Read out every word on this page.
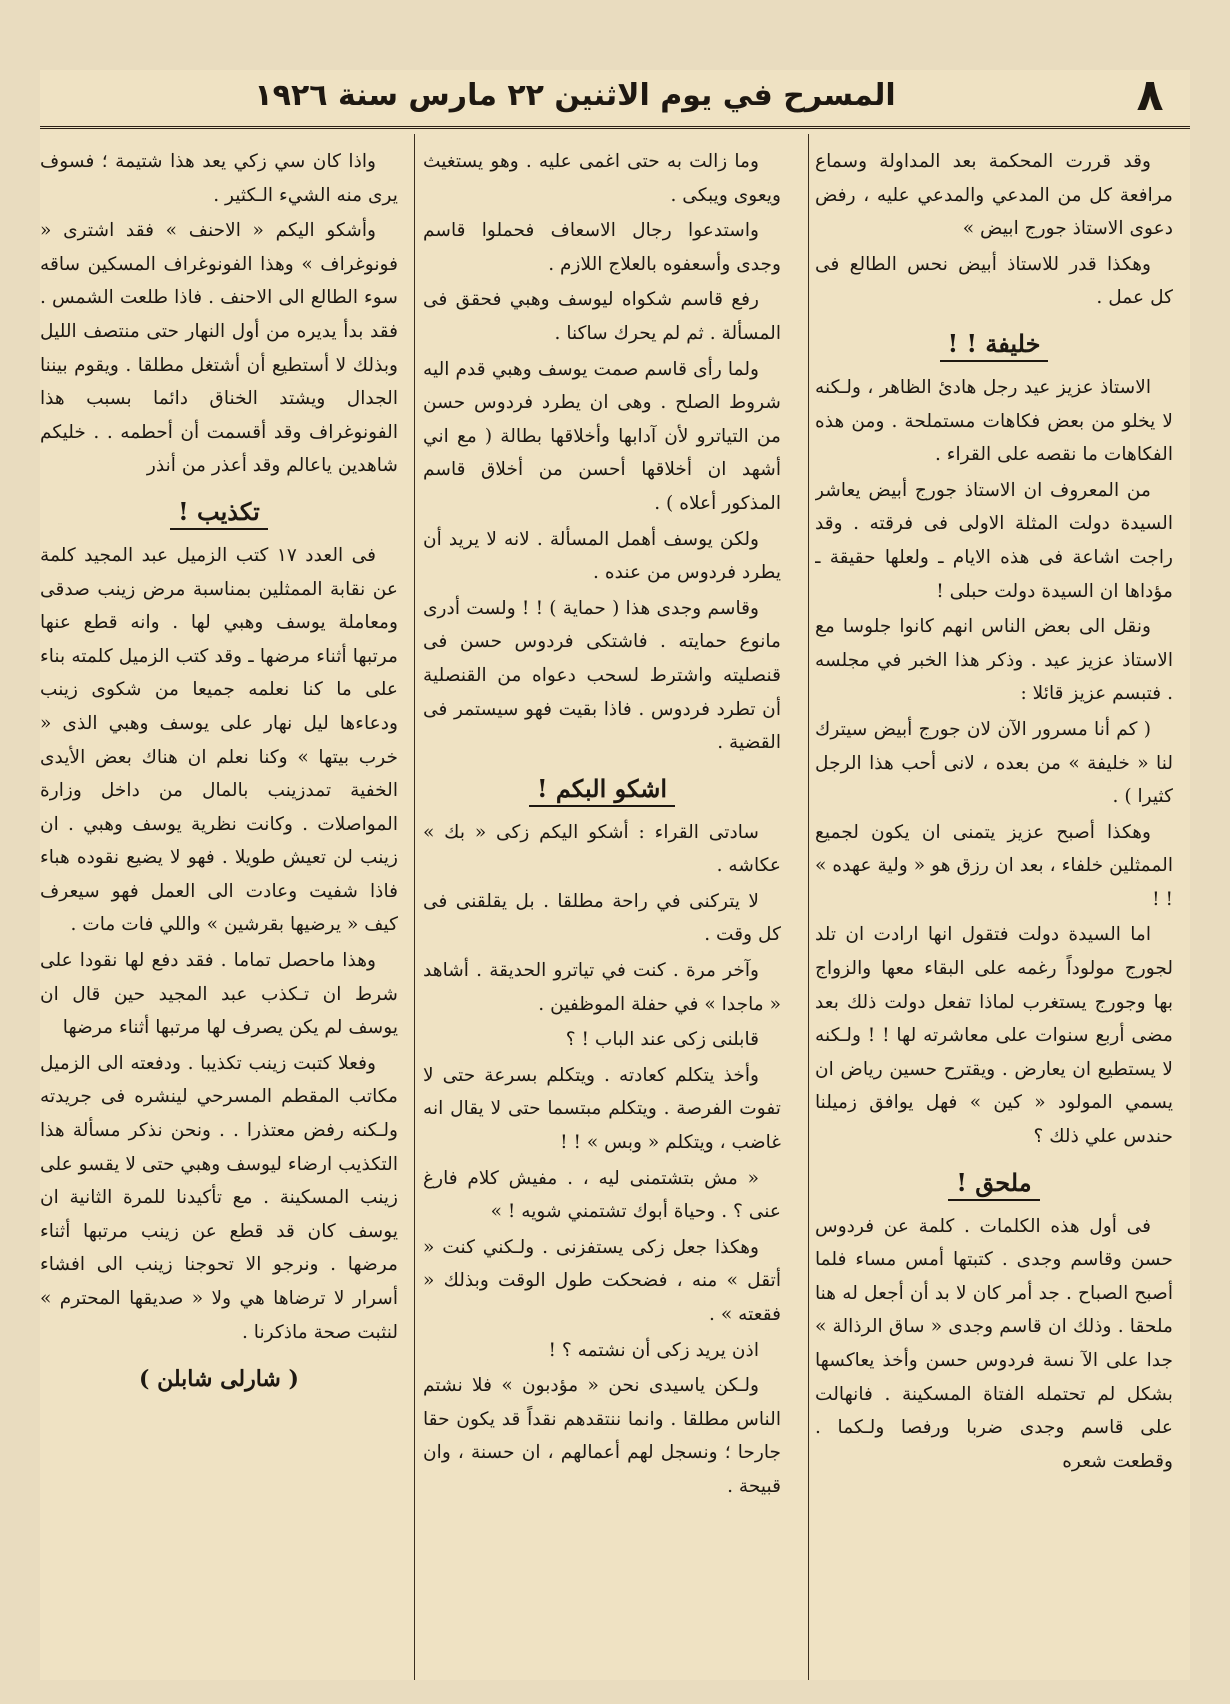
٨
المسرح في يوم الاثنين ٢٢ مارس سنة ١٩٢٦

وقد قررت المحكمة بعد المداولة وسماع مرافعة كل من المدعي والمدعي عليه ، رفض دعوى الاستاذ جورج ابيض »

وهكذا قدر للاستاذ أبيض نحس الطالع فى كل عمل .

خليفة ! !

الاستاذ عزيز عيد رجل هادئ الظاهر ، ولـكنه لا يخلو من بعض فكاهات مستملحة . ومن هذه الفكاهات ما نقصه على القراء .

من المعروف ان الاستاذ جورج أبيض يعاشر السيدة دولت المثلة الاولى فى فرقته . وقد راجت اشاعة فى هذه الايام ـ ولعلها حقيقة ـ مؤداها ان السيدة دولت حبلى !

ونقل الى بعض الناس انهم كانوا جلوسا مع الاستاذ عزيز عيد . وذكر هذا الخبر في مجلسه . فتبسم عزيز قائلا :

( كم أنا مسرور الآن لان جورج أبيض سيترك لنا « خليفة » من بعده ، لانى أحب هذا الرجل كثيرا ) .

وهكذا أصبح عزيز يتمنى ان يكون لجميع الممثلين خلفاء ، بعد ان رزق هو « ولية عهده » ! !

اما السيدة دولت فتقول انها ارادت ان تلد لجورج مولوداً رغمه على البقاء معها والزواج بها وجورج يستغرب لماذا تفعل دولت ذلك بعد مضى أربع سنوات على معاشرته لها ! ! ولـكنه لا يستطيع ان يعارض . ويقترح حسين رياض ان يسمي المولود « كين » فهل يوافق زميلنا حندس علي ذلك ؟

ملحق !

فى أول هذه الكلمات . كلمة عن فردوس حسن وقاسم وجدى . كتبتها أمس مساء فلما أصبح الصباح . جد أمر كان لا بد أن أجعل له هنا ملحقا . وذلك ان قاسم وجدى « ساق الرذالة » جدا على الآ نسة فردوس حسن وأخذ يعاكسها بشكل لم تحتمله الفتاة المسكينة . فانهالت على قاسم وجدى ضربا ورفصا ولـكما . وقطعت شعره

وما زالت به حتى اغمى عليه . وهو يستغيث ويعوى ويبكى .

واستدعوا رجال الاسعاف فحملوا قاسم وجدى وأسعفوه بالعلاج اللازم .

رفع قاسم شكواه ليوسف وهبي فحقق فى المسألة . ثم لم يحرك ساكنا .

ولما رأى قاسم صمت يوسف وهبي قدم اليه شروط الصلح . وهى ان يطرد فردوس حسن من التياترو لأن آدابها وأخلاقها بطالة ( مع اني أشهد ان أخلاقها أحسن من أخلاق قاسم المذكور أعلاه ) .

ولكن يوسف أهمل المسألة . لانه لا يريد أن يطرد فردوس من عنده .

وقاسم وجدى هذا ( حماية ) ! ! ولست أدرى مانوع حمايته . فاشتكى فردوس حسن فى قنصليته واشترط لسحب دعواه من القنصلية أن تطرد فردوس . فاذا بقيت فهو سيستمر فى القضية .

اشكو البكم !

سادتى القراء : أشكو اليكم زكى « بك » عكاشه .

لا يتركنى في راحة مطلقا . بل يقلقنى فى كل وقت .

وآخر مرة . كنت في تياترو الحديقة . أشاهد « ماجدا » في حفلة الموظفين .

قابلنى زكى عند الباب ! ؟

وأخذ يتكلم كعادته . ويتكلم بسرعة حتى لا تفوت الفرصة . ويتكلم مبتسما حتى لا يقال انه غاضب ، ويتكلم « وبس » ! !

« مش بتشتمنى ليه ، . مفيش كلام فارغ عنى ؟ . وحياة أبوك تشتمني شويه ! »

وهكذا جعل زكى يستفزنى . ولـكني كنت « أتقل » منه ، فضحكت طول الوقت وبذلك « فقعته » .

اذن يريد زكى أن نشتمه ؟ !

ولـكن ياسيدى نحن « مؤدبون » فلا نشتم الناس مطلقا . وانما ننتقدهم نقداً قد يكون حقا جارحا ؛ ونسجل لهم أعمالهم ، ان حسنة ، وان قبيحة .

واذا كان سي زكي يعد هذا شتيمة ؛ فسوف يرى منه الشيء الـكثير .

وأشكو اليكم « الاحنف » فقد اشترى « فونوغراف » وهذا الفونوغراف المسكين ساقه سوء الطالع الى الاحنف . فاذا طلعت الشمس . فقد بدأ يديره من أول النهار حتى منتصف الليل وبذلك لا أستطيع أن أشتغل مطلقا . ويقوم بيننا الجدال ويشتد الخناق دائما بسبب هذا الفونوغراف وقد أقسمت أن أحطمه . . خليكم شاهدين ياعالم وقد أعذر من أنذر

تكذيب !

فى العدد ١٧ كتب الزميل عبد المجيد كلمة عن نقابة الممثلين بمناسبة مرض زينب صدقى ومعاملة يوسف وهبي لها . وانه قطع عنها مرتبها أثناء مرضها ـ وقد كتب الزميل كلمته بناء على ما كنا نعلمه جميعا من شكوى زينب ودعاءها ليل نهار على يوسف وهبي الذى « خرب بيتها » وكنا نعلم ان هناك بعض الأيدى الخفية تمدزينب بالمال من داخل وزارة المواصلات . وكانت نظرية يوسف وهبي . ان زينب لن تعيش طويلا . فهو لا يضيع نقوده هباء فاذا شفيت وعادت الى العمل فهو سيعرف كيف « يرضيها بقرشين » واللي فات مات .

وهذا ماحصل تماما . فقد دفع لها نقودا على شرط ان تـكذب عبد المجيد حين قال ان يوسف لم يكن يصرف لها مرتبها أثناء مرضها

وفعلا كتبت زينب تكذيبا . ودفعته الى الزميل مكاتب المقطم المسرحي لينشره فى جريدته ولـكنه رفض معتذرا . . ونحن نذكر مسألة هذا التكذيب ارضاء ليوسف وهبي حتى لا يقسو على زينب المسكينة . مع تأكيدنا للمرة الثانية ان يوسف كان قد قطع عن زينب مرتبها أثناء مرضها . ونرجو الا تحوجنا زينب الى افشاء أسرار لا ترضاها هي ولا « صديقها المحترم » لنثبت صحة ماذكرنا .

( شارلى شابلن )
